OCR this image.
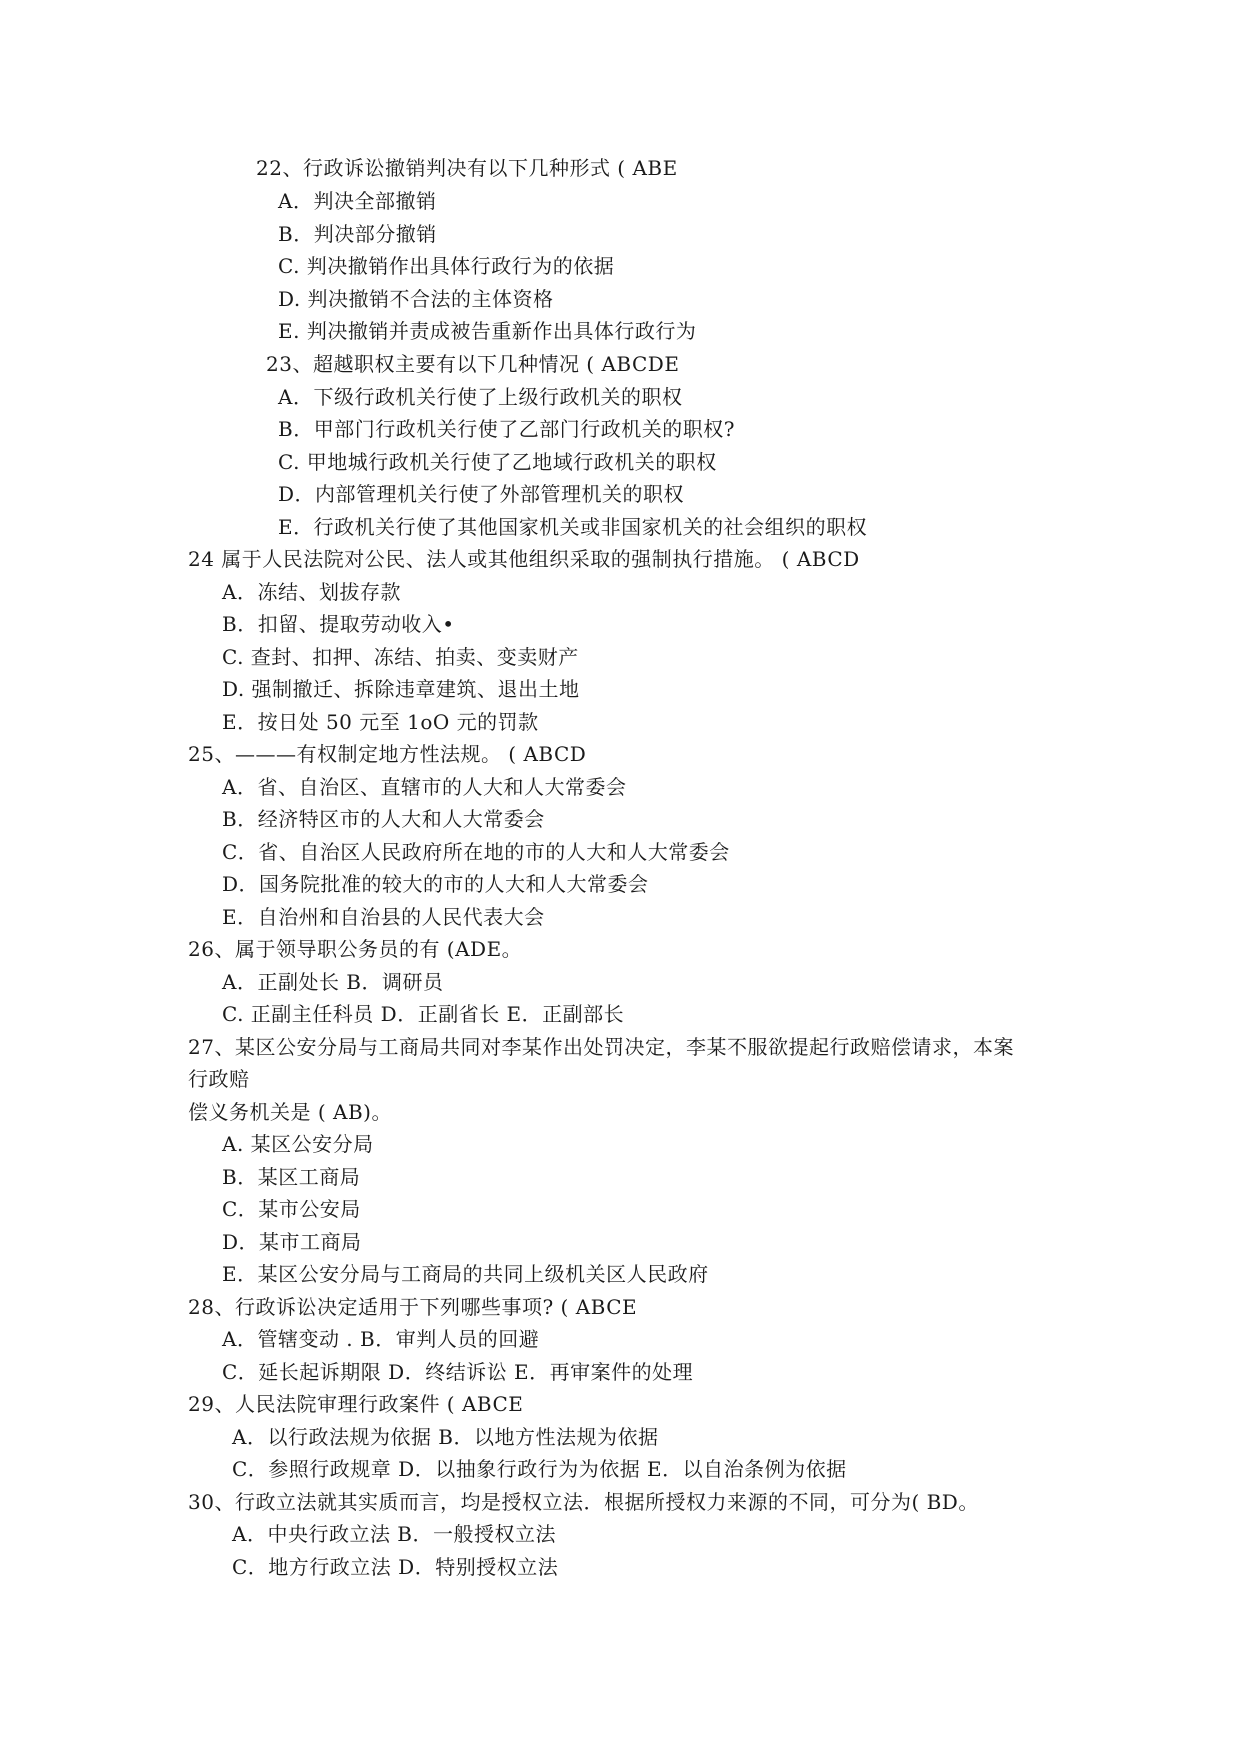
22、行政诉讼撤销判决有以下几种形式 ( ABE
A．判决全部撤销
B．判决部分撤销
C. 判决撤销作出具体行政行为的依据
D. 判决撤销不合法的主体资格
E. 判决撤销并责成被告重新作出具体行政行为
23、超越职权主要有以下几种情况 ( ABCDE
A．下级行政机关行使了上级行政机关的职权
B．甲部门行政机关行使了乙部门行政机关的职权?
C. 甲地城行政机关行使了乙地域行政机关的职权
D．内部管理机关行使了外部管理机关的职权
E．行政机关行使了其他国家机关或非国家机关的社会组织的职权
24 属于人民法院对公民、法人或其他组织采取的强制执行措施。 ( ABCD
A．冻结、划拔存款
B．扣留、提取劳动收入•
C. 查封、扣押、冻结、拍卖、变卖财产
D. 强制撤迁、拆除违章建筑、退出土地
E．按日处 50 元至 1oO 元的罚款
25、———有权制定地方性法规。 ( ABCD
A．省、自治区、直辖市的人大和人大常委会
B．经济特区市的人大和人大常委会
C．省、自治区人民政府所在地的市的人大和人大常委会
D．国务院批准的较大的市的人大和人大常委会
E．自治州和自治县的人民代表大会
26、属于领导职公务员的有 (ADE。
A．正副处长 B．调研员
C. 正副主任科员 D．正副省长 E．正副部长
27、某区公安分局与工商局共同对李某作出处罚决定，李某不服欲提起行政赔偿请求，本案
行政赔
偿义务机关是 ( AB)。
A. 某区公安分局
B．某区工商局
C．某市公安局
D．某市工商局
E．某区公安分局与工商局的共同上级机关区人民政府
28、行政诉讼决定适用于下列哪些事项? ( ABCE
A．管辖变动 . B．审判人员的回避
C．延长起诉期限 D．终结诉讼 E．再审案件的处理
29、人民法院审理行政案件 ( ABCE
A．以行政法规为依据 B．以地方性法规为依据
C．参照行政规章 D．以抽象行政行为为依据 E．以自治条例为依据
30、行政立法就其实质而言，均是授权立法．根据所授权力来源的不同，可分为( BD。
A．中央行政立法 B．一般授权立法
C．地方行政立法 D．特别授权立法
